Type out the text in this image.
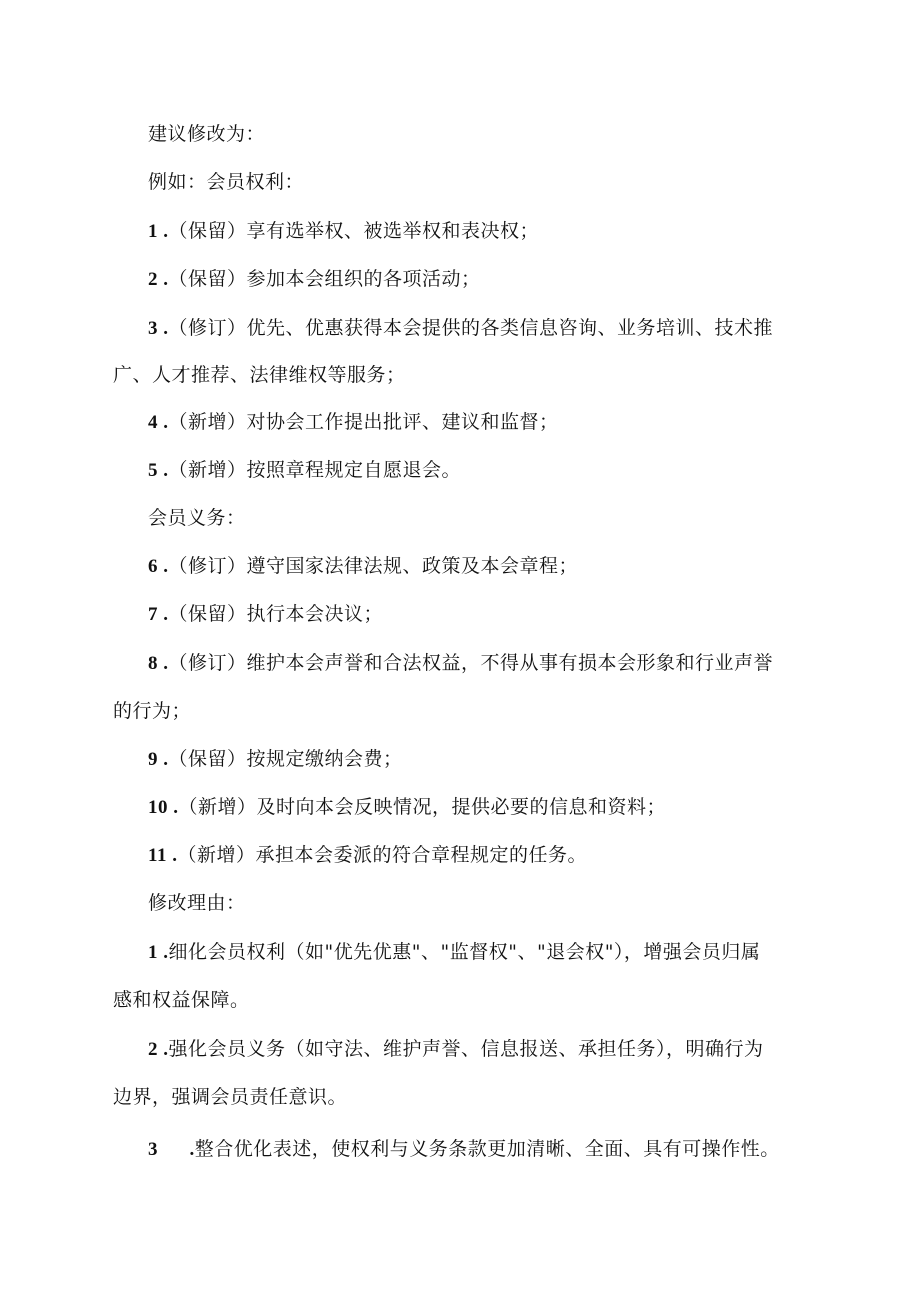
建议修改为：
例如：会员权利：
1 .（保留）享有选举权、被选举权和表决权；
2 .（保留）参加本会组织的各项活动；
3 .（修订）优先、优惠获得本会提供的各类信息咨询、业务培训、技术推
广、人才推荐、法律维权等服务；
4 .（新增）对协会工作提出批评、建议和监督；
5 .（新增）按照章程规定自愿退会。
会员义务：
6 .（修订）遵守国家法律法规、政策及本会章程；
7 .（保留）执行本会决议；
8 .（修订）维护本会声誉和合法权益，不得从事有损本会形象和行业声誉
的行为；
9 .（保留）按规定缴纳会费；
10 .（新增）及时向本会反映情况，提供必要的信息和资料；
11 .（新增）承担本会委派的符合章程规定的任务。
修改理由：
1 .细化会员权利（如"优先优惠"、"监督权"、"退会权"），增强会员归属
感和权益保障。
2 .强化会员义务（如守法、维护声誉、信息报送、承担任务），明确行为
边界，强调会员责任意识。
3      .整合优化表述，使权利与义务条款更加清晰、全面、具有可操作性。
